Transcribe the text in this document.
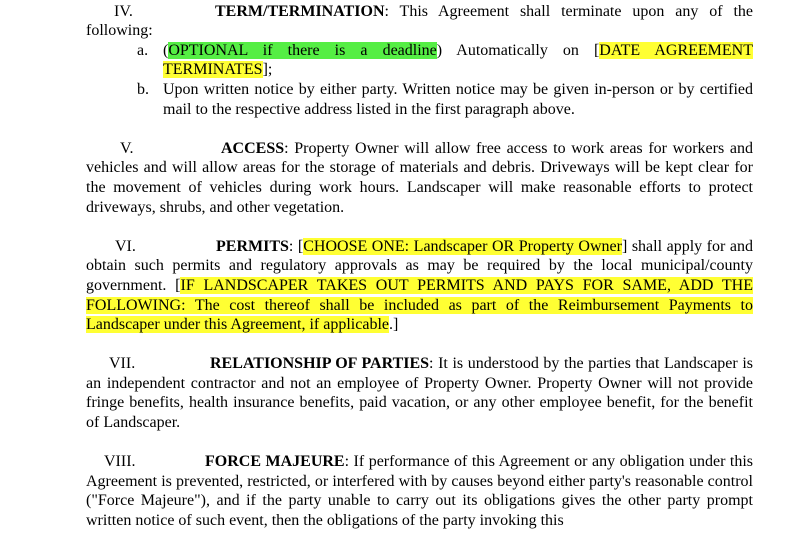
IV.	TERM/TERMINATION: This Agreement shall terminate upon any of the following:
a. (OPTIONAL if there is a deadline) Automatically on [DATE AGREEMENT TERMINATES];
b. Upon written notice by either party. Written notice may be given in-person or by certified mail to the respective address listed in the first paragraph above.
V.	ACCESS: Property Owner will allow free access to work areas for workers and vehicles and will allow areas for the storage of materials and debris. Driveways will be kept clear for the movement of vehicles during work hours. Landscaper will make reasonable efforts to protect driveways, shrubs, and other vegetation.
VI.	PERMITS: [CHOOSE ONE: Landscaper OR Property Owner] shall apply for and obtain such permits and regulatory approvals as may be required by the local municipal/county government. [IF LANDSCAPER TAKES OUT PERMITS AND PAYS FOR SAME, ADD THE FOLLOWING: The cost thereof shall be included as part of the Reimbursement Payments to Landscaper under this Agreement, if applicable.]
VII.	RELATIONSHIP OF PARTIES: It is understood by the parties that Landscaper is an independent contractor and not an employee of Property Owner. Property Owner will not provide fringe benefits, health insurance benefits, paid vacation, or any other employee benefit, for the benefit of Landscaper.
VIII.	FORCE MAJEURE: If performance of this Agreement or any obligation under this Agreement is prevented, restricted, or interfered with by causes beyond either party's reasonable control ("Force Majeure"), and if the party unable to carry out its obligations gives the other party prompt written notice of such event, then the obligations of the party invoking this
